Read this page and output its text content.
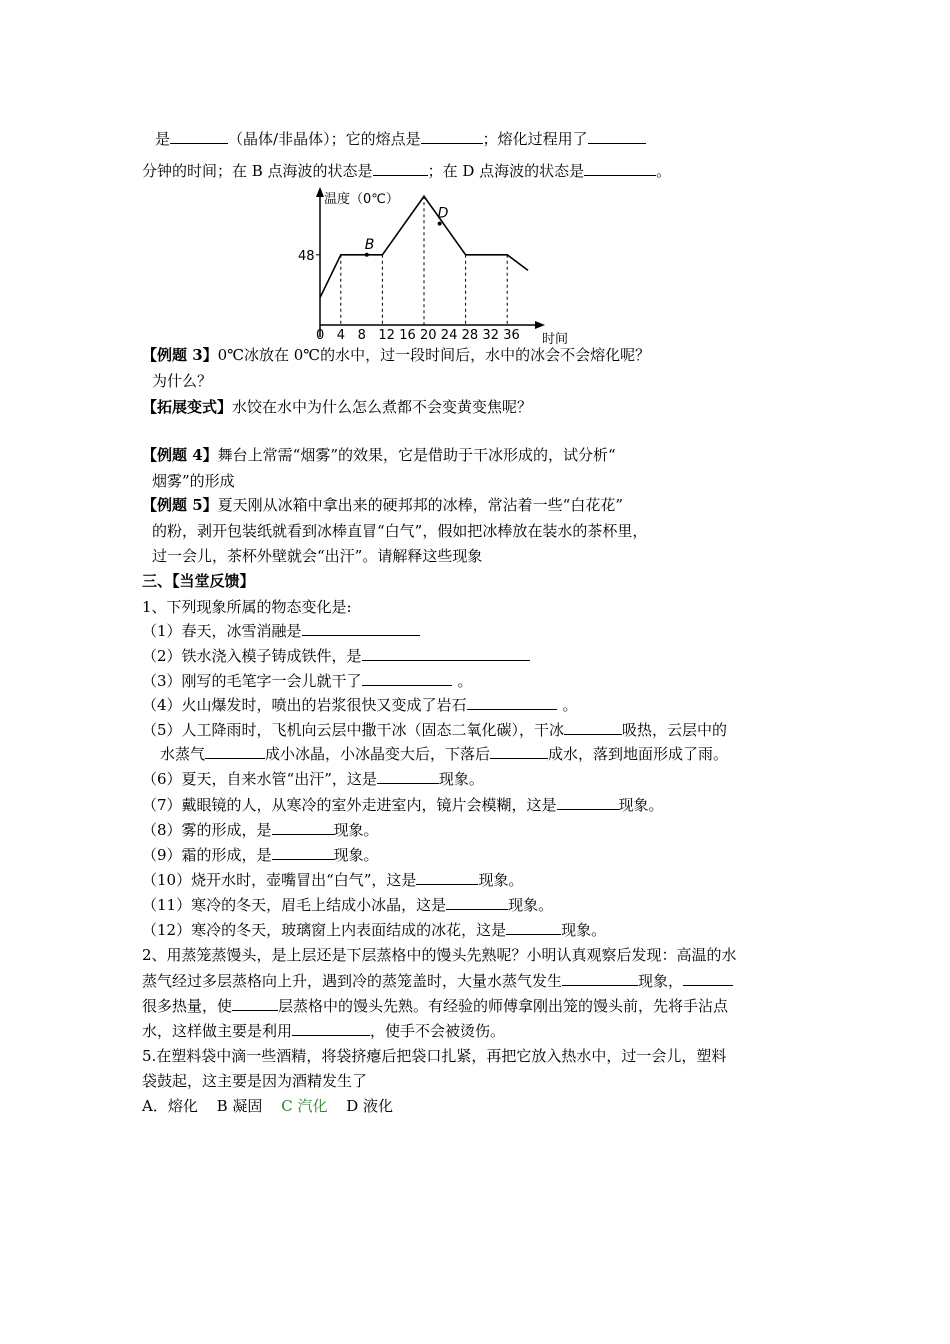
是	（晶体/非晶体）；它的熔点是	；熔化过程用了
分钟的时间；在 B 点海波的状态是	；在 D 点海波的状态是	。
温度（0℃）
时间
48
0 4 8 12 16 20 24 28 32 36
B
D
【例题 3】0℃冰放在 0℃的水中，过一段时间后，水中的冰会不会熔化呢？
为什么？
【拓展变式】水饺在水中为什么怎么煮都不会变黄变焦呢？
【例题 4】舞台上常需“烟雾”的效果，它是借助于干冰形成的，试分析“
烟雾”的形成
【例题 5】夏天刚从冰箱中拿出来的硬邦邦的冰棒，常沾着一些“白花花”
的粉，剥开包装纸就看到冰棒直冒“白气”，假如把冰棒放在装水的茶杯里，
过一会儿，茶杯外壁就会“出汗”。请解释这些现象
三、【当堂反馈】
1、下列现象所属的物态变化是:
（1）春天，冰雪消融是
（2）铁水浇入模子铸成铁件，是
（3）刚写的毛笔字一会儿就干了	。
（4）火山爆发时，喷出的岩浆很快又变成了岩石	。
（5）人工降雨时，飞机向云层中撒干冰（固态二氧化碳），干冰	吸热，云层中的
水蒸气	成小冰晶，小冰晶变大后，下落后	成水，落到地面形成了雨。
（6）夏天，自来水管“出汗”，这是	现象。
（7）戴眼镜的人，从寒冷的室外走进室内，镜片会模糊，这是	现象。
（8）雾的形成，是	现象。
（9）霜的形成，是	现象。
（10）烧开水时，壶嘴冒出“白气”，这是	现象。
（11）寒冷的冬天，眉毛上结成小冰晶，这是	现象。
（12）寒冷的冬天，玻璃窗上内表面结成的冰花，这是	现象。
2、用蒸笼蒸馒头，是上层还是下层蒸格中的馒头先熟呢？小明认真观察后发现：高温的水
蒸气经过多层蒸格向上升，遇到冷的蒸笼盖时，大量水蒸气发生	现象，
很多热量，使	层蒸格中的馒头先熟。有经验的师傅拿刚出笼的馒头前，先将手沾点
水，这样做主要是利用	，使手不会被烫伤。
5.在塑料袋中滴一些酒精，将袋挤瘪后把袋口扎紧，再把它放入热水中，过一会儿，塑料
袋鼓起，这主要是因为酒精发生了
A．熔化 B 凝固 C 汽化 D 液化
